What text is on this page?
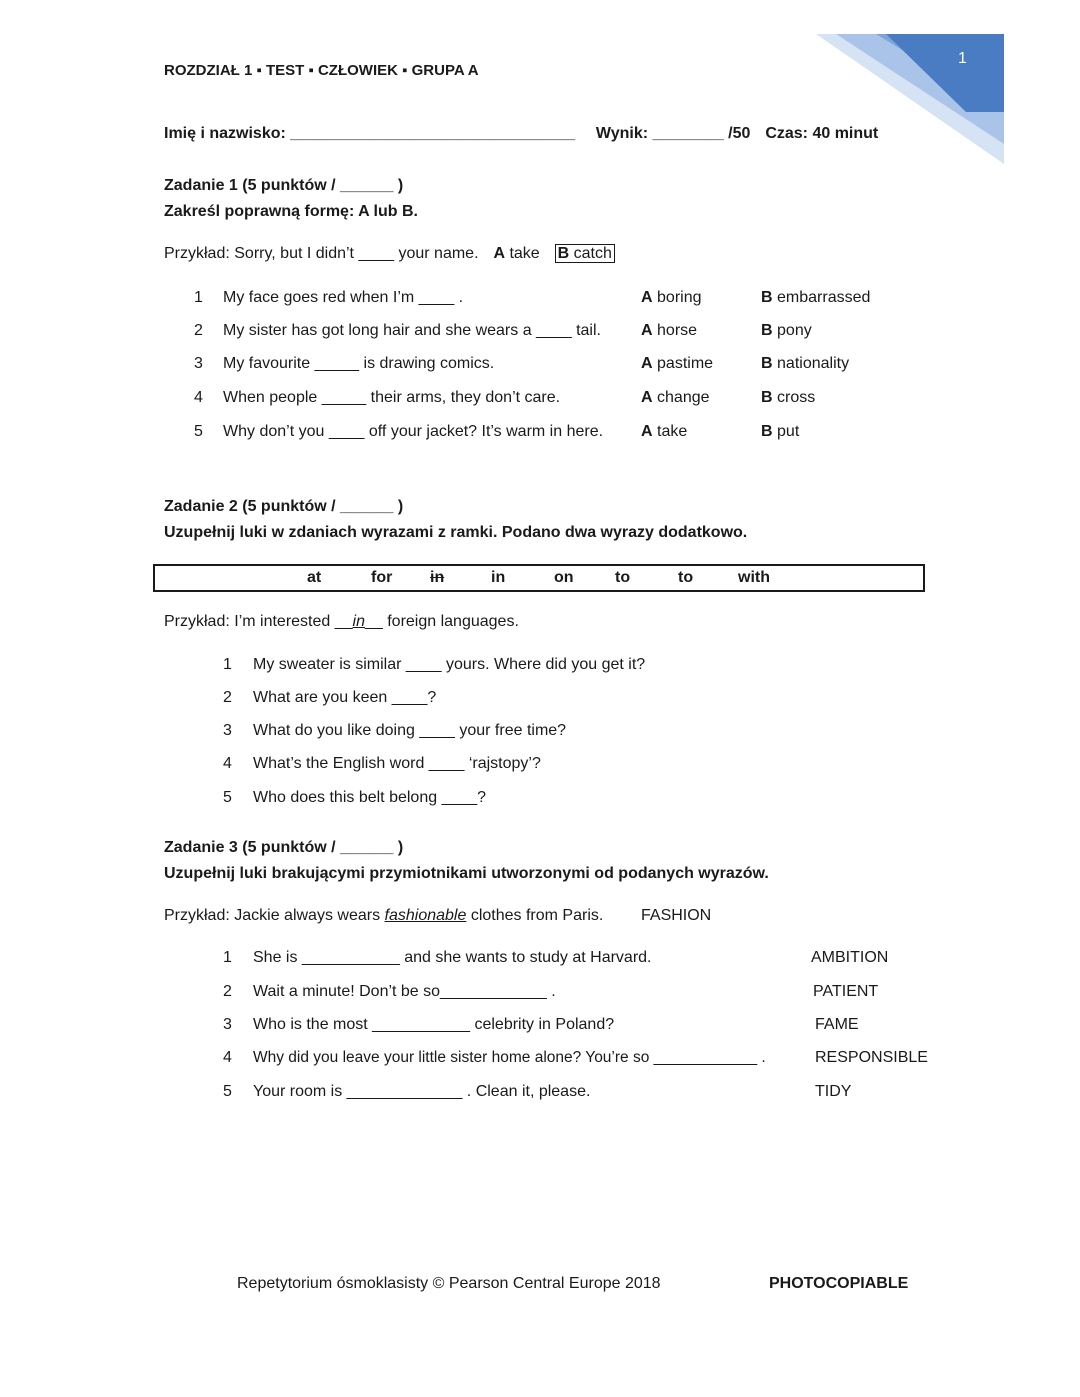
1
ROZDZIAŁ 1 ▪ TEST ▪ CZŁOWIEK ▪ GRUPA A
Imię i nazwisko: ________________________________ Wynik: ________ /50 Czas: 40 minut
Zadanie 1 (5 punktów / ______ )
Zakreśl poprawną formę: A lub B.
Przykład: Sorry, but I didn’t ____ your name. A take B catch
1 My face goes red when I’m ____ .	A boring	B embarrassed
2 My sister has got long hair and she wears a ____ tail.	A horse	B pony
3 My favourite _____ is drawing comics.	A pastime	B nationality
4 When people _____ their arms, they don’t care.	A change	B cross
5 Why don’t you ____ off your jacket? It’s warm in here. A take	B put
Zadanie 2 (5 punktów / ______ )
Uzupełnij luki w zdaniach wyrazami z ramki. Podano dwa wyrazy dodatkowo.
at	for in	in	on	to	to	with
Przykład: I’m interested __in__ foreign languages.
1 My sweater is similar ____ yours. Where did you get it?
2 What are you keen ____?
3 What do you like doing ____ your free time?
4 What’s the English word ____ ‘rajstopy’?
5 Who does this belt belong ____?
Zadanie 3 (5 punktów / ______ )
Uzupełnij luki brakującymi przymiotnikami utworzonymi od podanych wyrazów.
Przykład: Jackie always wears fashionable clothes from Paris. FASHION
1 She is ___________ and she wants to study at Harvard.	AMBITION
2 Wait a minute! Don’t be so____________ .	PATIENT
3 Who is the most ___________ celebrity in Poland?	FAME
4 Why did you leave your little sister home alone? You’re so ____________ .	RESPONSIBLE
5 Your room is _____________ . Clean it, please.	TIDY
Repetytorium ósmoklasisty © Pearson Central Europe 2018	PHOTOCOPIABLE
